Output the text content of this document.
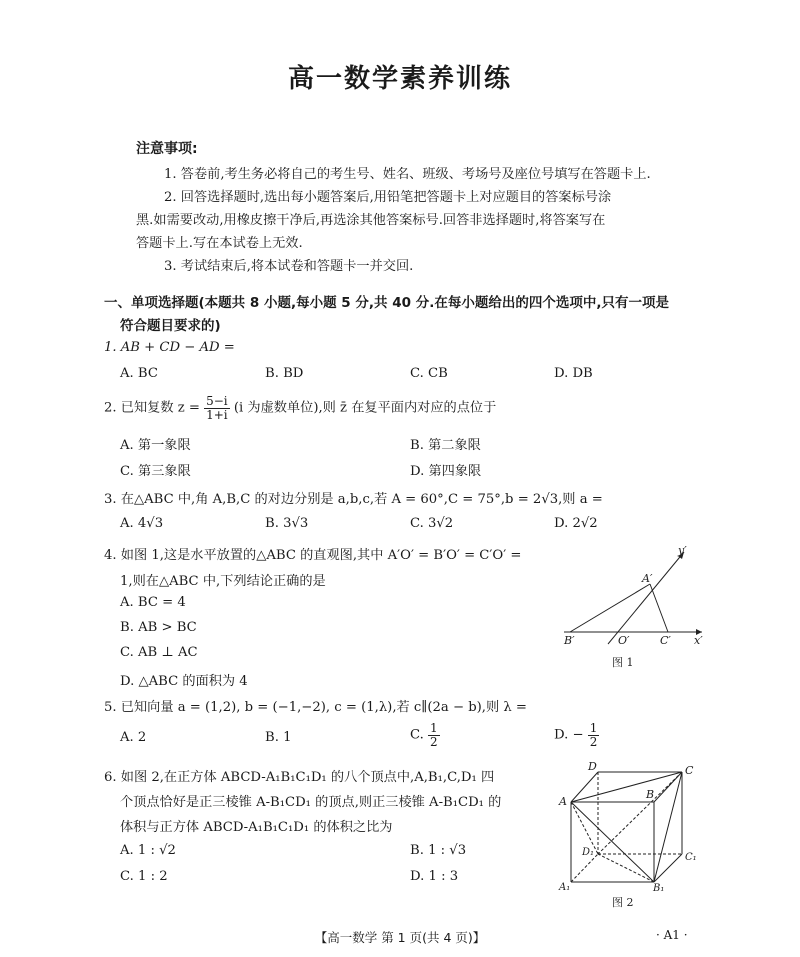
高一数学素养训练
注意事项:
1. 答卷前,考生务必将自己的考生号、姓名、班级、考场号及座位号填写在答题卡上.
2. 回答选择题时,选出每小题答案后,用铅笔把答题卡上对应题目的答案标号涂
黑.如需要改动,用橡皮擦干净后,再选涂其他答案标号.回答非选择题时,将答案写在
答题卡上.写在本试卷上无效.
3. 考试结束后,将本试卷和答题卡一并交回.
一、单项选择题(本题共 8 小题,每小题 5 分,共 40 分.在每小题给出的四个选项中,只有一项是
符合题目要求的)
1. AB + CD − AD =
A. BC	B. BD	C. CB	D. DB
2. 已知复数 $z = \frac{5-i}{1+i} (i$ 为虚数单位),则 z̄ 在复平面内对应的点位于
A. 第一象限	B. 第二象限
C. 第三象限	D. 第四象限
3. 在△ABC 中,角 A,B,C 的对边分别是 a,b,c,若 A = 60°,C = 75°,b = 2√3,则 a =
A. 4√3	B. 3√3	C. 3√2	D. 2√2
4. 如图 1,这是水平放置的△ABC 的直观图,其中 A′O′ = B′O′ = C′O′ =
1,则在△ABC 中,下列结论正确的是
A. BC = 4
B. AB > BC
C. AB ⊥ AC
D. △ABC 的面积为 4
y′
A′
B′	O′	C′ x′
图 1
5. 已知向量 a = (1,2), b = (−1,−2), c = (1,λ),若 c∥(2a − b),则 λ =
A. 2	B. 1	C. $\frac{1}{2}$	D. − $\frac{1}{2}$
6. 如图 2,在正方体 ABCD-A₁B₁C₁D₁ 的八个顶点中,A,B₁,C,D₁ 四
个顶点恰好是正三棱锥 A-B₁CD₁ 的顶点,则正三棱锥 A-B₁CD₁ 的
体积与正方体 ABCD-A₁B₁C₁D₁ 的体积之比为
A. 1 : √2	B. 1 : √3
C. 1 : 2	D. 1 : 3
D	C
A
B
D₁	C₁
A₁	B₁
图 2
【高一数学 第 1 页(共 4 页)】	· A1 ·
